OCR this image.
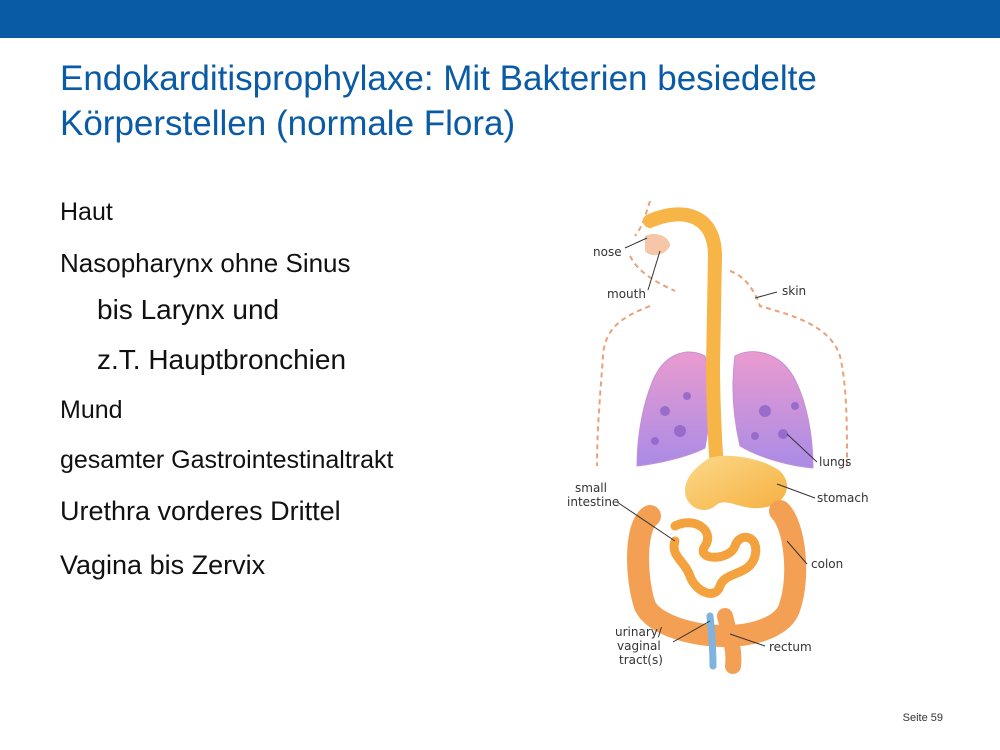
Endokarditisprophylaxe: Mit Bakterien besiedelte
Körperstellen (normale Flora)
Haut
Nasopharynx ohne Sinus
bis Larynx und
z.T. Hauptbronchien
Mund
gesamter Gastrointestinaltrakt
Urethra vorderes Drittel
Vagina bis Zervix
nose
mouth	skin
lungs
small
intestine	stomach
colon
urinary/
vaginal
tract(s)
rectum
Seite 59
